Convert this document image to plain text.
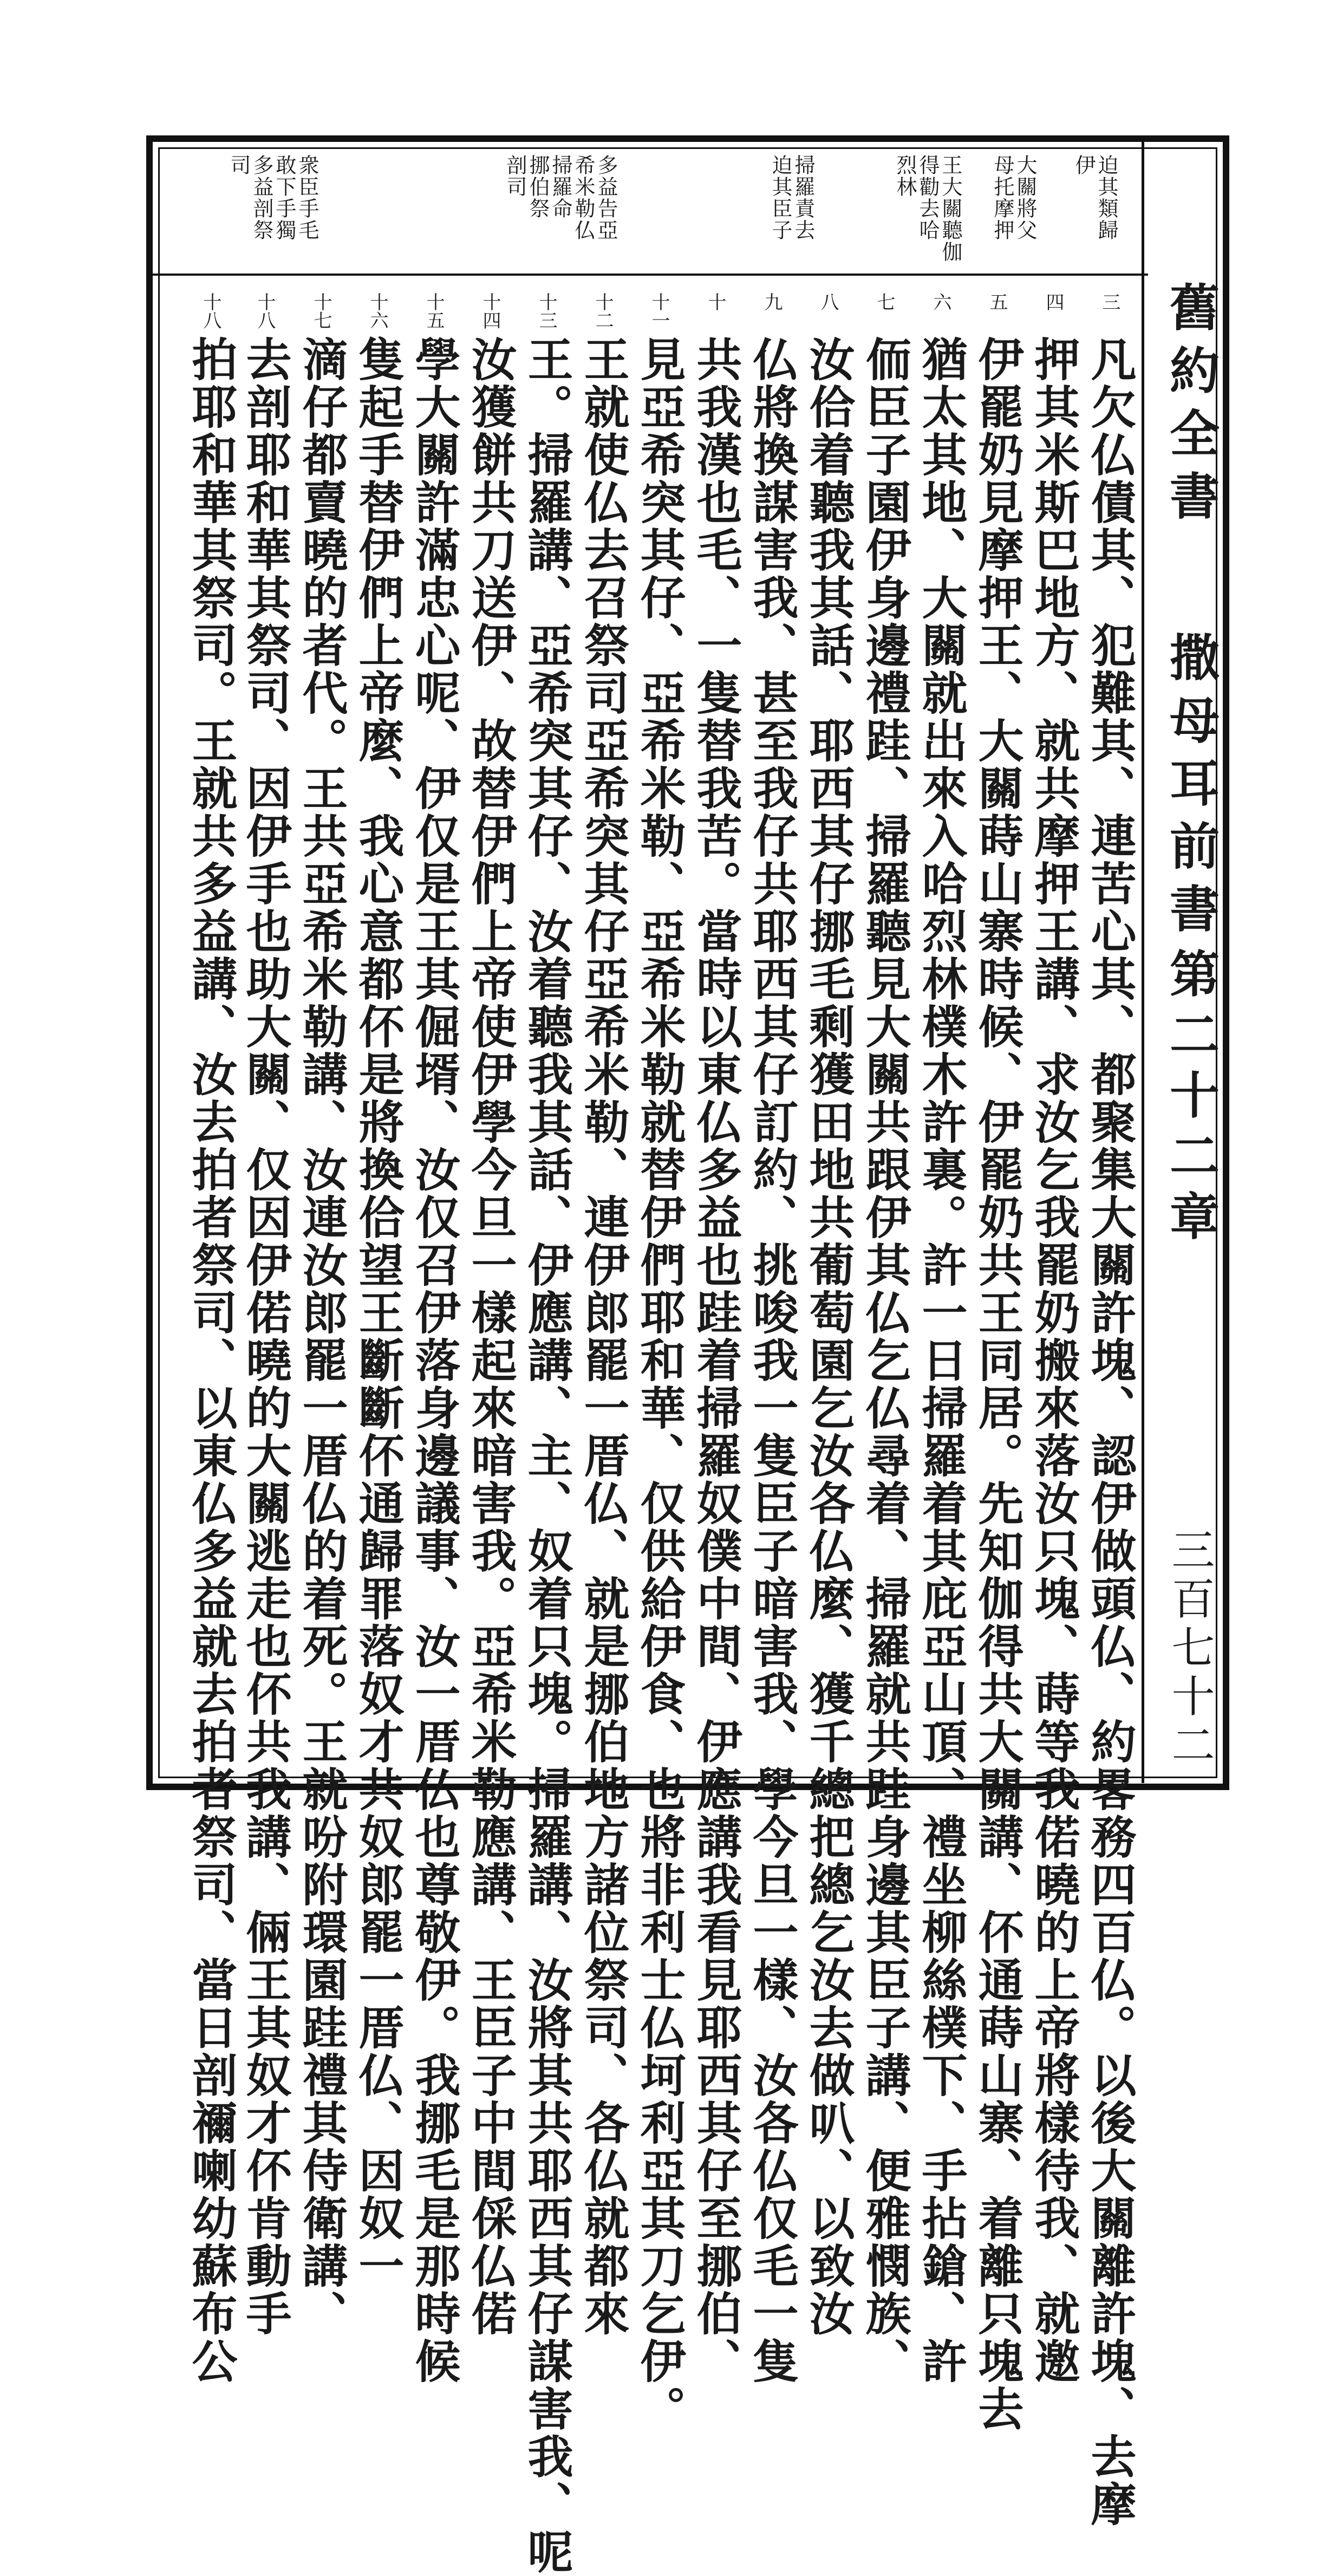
迫其類歸
伊
大關將父
母托摩押
王大關聽伽
得勸去哈
烈林
掃羅責去
迫其臣子
多益告亞
希米勒仏
掃羅命
挪伯祭
剖司
衆臣手毛
敢下手獨
多益剖祭
司
舊約全書  撒母耳前書
第二十二章
三百七十二
三
凡欠仏債其、犯難其、連苦心其、都聚集大關許塊、認伊做頭仏、約畧務四百仏。以後大關離許塊、去摩
四
押其米斯巴地方、就共摩押王講、求汝乞我罷奶搬來落汝只塊、蒔等我偌曉的上帝將樣待我、就邀
五
伊罷奶見摩押王、大關蒔山寨時候、伊罷奶共王同居。先知伽得共大關講、伓通蒔山寨、着離只塊去
六
猶太其地、大關就出來入哈烈林樸木許裏。許一日掃羅着其庇亞山頂、禮坐柳絲樸下、手拈鎗、許
七
侕臣子園伊身邊禮跬、掃羅聽見大關共跟伊其仏乞仏尋着、掃羅就共跬身邊其臣子講、便雅憫族、
八
汝佮着聽我其話、耶西其仔挪毛剩獲田地共葡萄園乞汝各仏麼、獲千總把總乞汝去做叭、以致汝
九
仏將換謀害我、甚至我仔共耶西其仔訂約、挑唆我一隻臣子暗害我、學今旦一樣、汝各仏仅毛一隻
十
共我漢也毛、一隻替我苦。當時以東仏多益也跬着掃羅奴僕中間、伊應講我看見耶西其仔至挪伯、
十一
見亞希突其仔、亞希米勒、亞希米勒就替伊們耶和華、仅供給伊食、也將非利士仏坷利亞其刀乞伊。
十二
王就使仏去召祭司亞希突其仔亞希米勒、連伊郎罷一厝仏、就是挪伯地方諸位祭司、各仏就都來
十三
王。掃羅講、亞希突其仔、汝着聽我其話、伊應講、主、奴着只塊。掃羅講、汝將其共耶西其仔謀害我、呢
十四
汝獲餅共刀送伊、故替伊們上帝使伊學今旦一樣起來暗害我。亞希米勒應講、王臣子中間倸仏偌
十五
學大關許滿忠心呢、伊仅是王其倔壻、汝仅召伊落身邊議事、汝一厝仏也尊敬伊。我挪毛是那時候
十六
隻起手替伊們上帝麼、我心意都伓是將換佮望王斷斷伓通歸罪落奴才共奴郎罷一厝仏、因奴一
十七
滴仔都賣曉的者代。王共亞希米勒講、汝連汝郎罷一厝仏的着死。王就吩附環園跬禮其侍衛講、
十八
去剖耶和華其祭司、因伊手也助大關、仅因伊偌曉的大關逃走也伓共我講、倆王其奴才伓肯動手
十八
拍耶和華其祭司。王就共多益講、汝去拍者祭司、以東仏多益就去拍者祭司、當日剖禰喇幼蘇布公
